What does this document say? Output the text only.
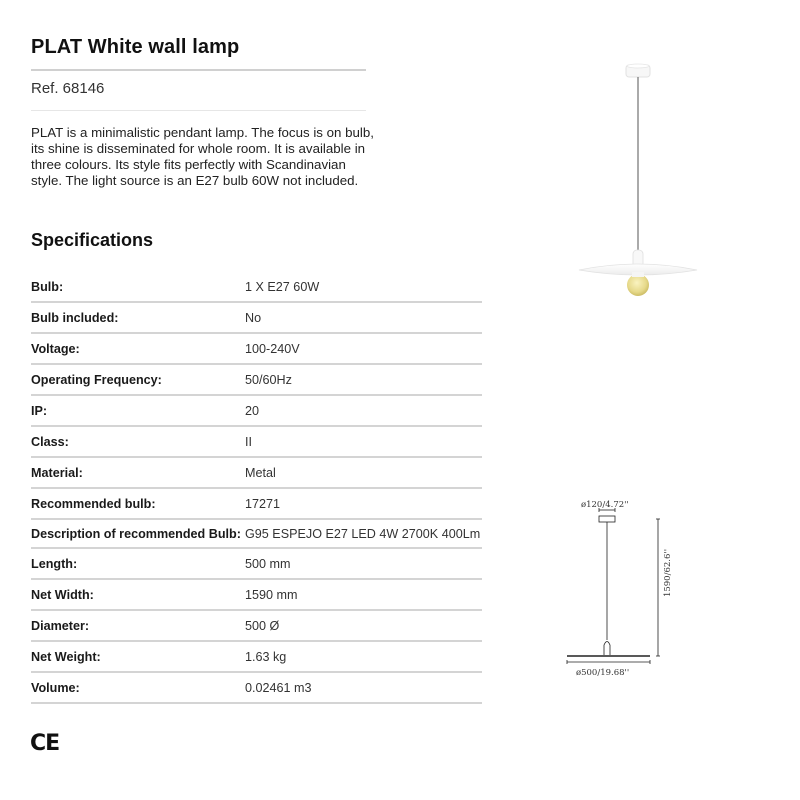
PLAT White wall lamp
Ref. 68146

PLAT is a minimalistic pendant lamp. The focus is on bulb, its shine is disseminated for whole room. It is available in three colours. Its style fits perfectly with Scandinavian style. The light source is an E27 bulb 60W not included.

Specifications
Bulb:	1 X E27 60W
Bulb included:	No
Voltage:	100-240V
Operating Frequency:	50/60Hz
IP:	20
Class:	II
Material:	Metal
Recommended bulb:	17271
Description of recommended Bulb:	G95 ESPEJO E27 LED 4W 2700K 400Lm
Length:	500 mm
Net Width:	1590 mm
Diameter:	500 Ø
Net Weight:	1.63 kg
Volume:	0.02461 m3
CE
ø120/4.72''
ø500/19.68''
1590/62.6''
